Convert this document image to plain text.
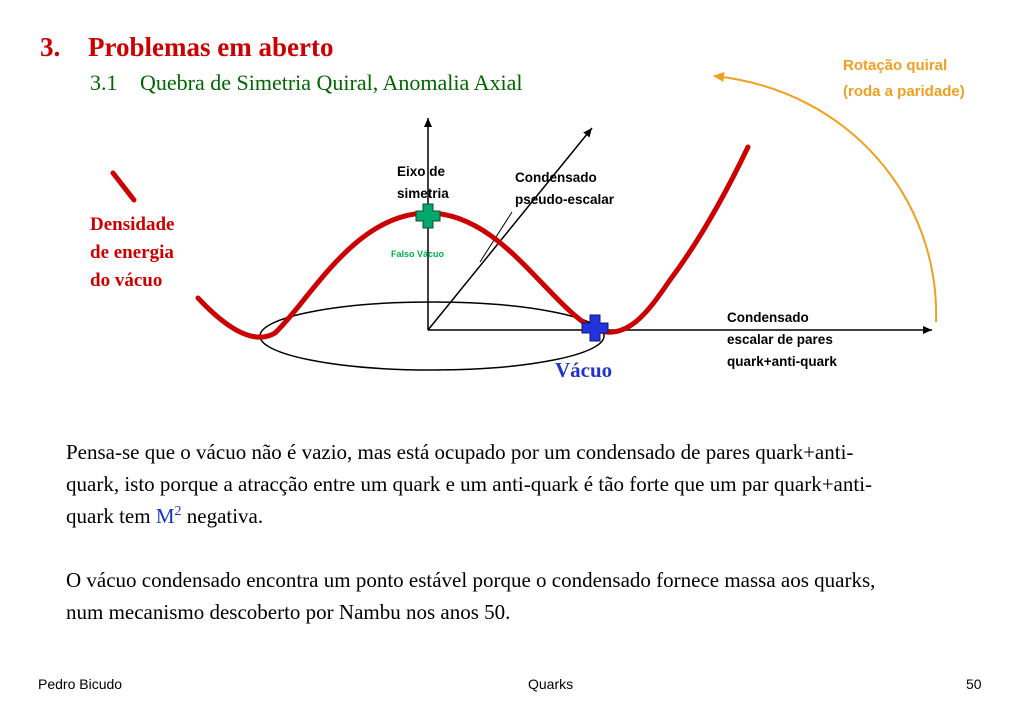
3. Problemas em aberto
3.1 Quebra de Simetria Quiral, Anomalia Axial
Densidade de energia do vácuo
Eixo de simetria
Condensado pseudo-escalar
Falso Vácuo
Condensado escalar de pares quark+anti-quark
Vácuo
Rotação quiral (roda a paridade)

Pensa-se que o vácuo não é vazio, mas está ocupado por um condensado de pares quark+anti-quark, isto porque a atracção entre um quark e um anti-quark é tão forte que um par quark+anti-quark tem $M^2$ negativa.

O vácuo condensado encontra um ponto estável porque o condensado fornece massa aos quarks, num mecanismo descoberto por Nambu nos anos 50.

Pedro Bicudo	Quarks	50
